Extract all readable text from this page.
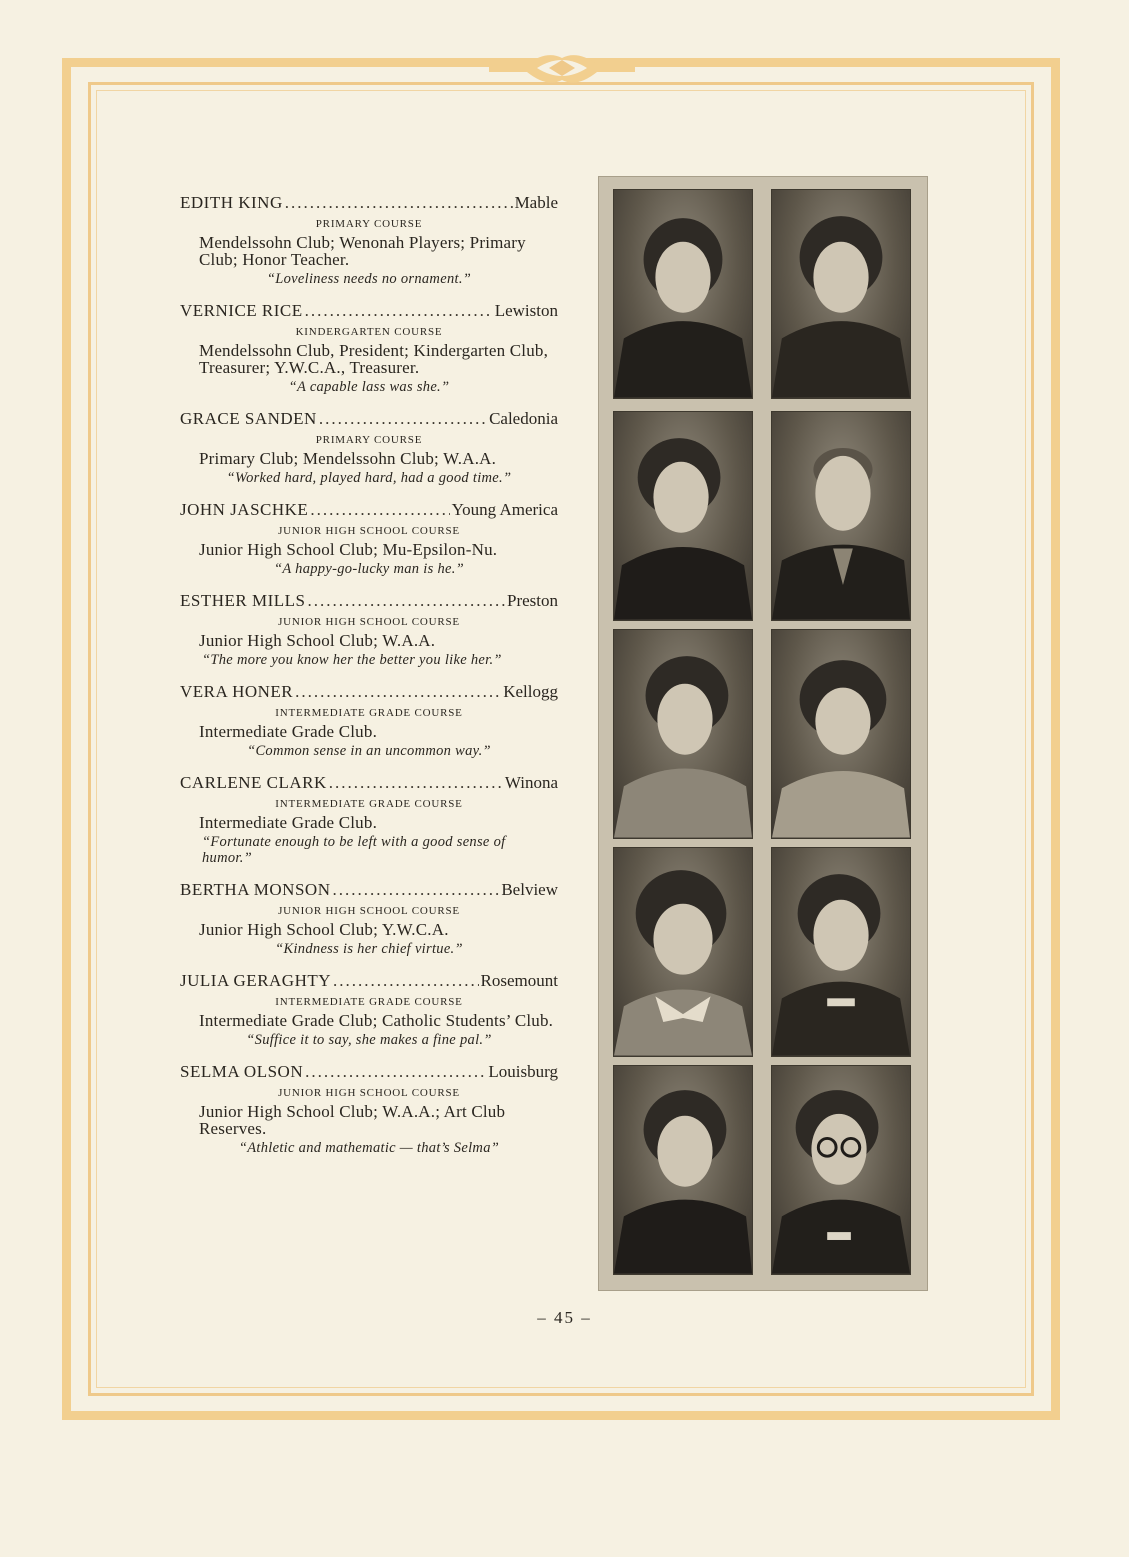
EDITH KING .....	Mable
PRIMARY COURSE
Mendelssohn Club; Wenonah Players; Primary Club; Honor Teacher.
“Loveliness needs no ornament.”
VERNICE RICE .....	Lewiston
KINDERGARTEN COURSE
Mendelssohn Club, President; Kindergarten Club, Treasurer; Y.W.C.A., Treasurer.
“A capable lass was she.”
GRACE SANDEN .....	Caledonia
PRIMARY COURSE
Primary Club; Mendelssohn Club; W.A.A.
“Worked hard, played hard, had a good time.”
JOHN JASCHKE .....	Young America
JUNIOR HIGH SCHOOL COURSE
Junior High School Club; Mu-Epsilon-Nu.
“A happy-go-lucky man is he.”
ESTHER MILLS .....	Preston
JUNIOR HIGH SCHOOL COURSE
Junior High School Club; W.A.A.
“The more you know her the better you like her.”
VERA HONER .....	Kellogg
INTERMEDIATE GRADE COURSE
Intermediate Grade Club.
“Common sense in an uncommon way.”
CARLENE CLARK .....	Winona
INTERMEDIATE GRADE COURSE
Intermediate Grade Club.
“Fortunate enough to be left with a good sense of humor.”
BERTHA MONSON .....	Belview
JUNIOR HIGH SCHOOL COURSE
Junior High School Club; Y.W.C.A.
“Kindness is her chief virtue.”
JULIA GERAGHTY .....	Rosemount
INTERMEDIATE GRADE COURSE
Intermediate Grade Club; Catholic Students’ Club.
“Suffice it to say, she makes a fine pal.”
SELMA OLSON .....	Louisburg
JUNIOR HIGH SCHOOL COURSE
Junior High School Club; W.A.A.; Art Club Reserves.
“Athletic and mathematic — that’s Selma”
– 45 –
